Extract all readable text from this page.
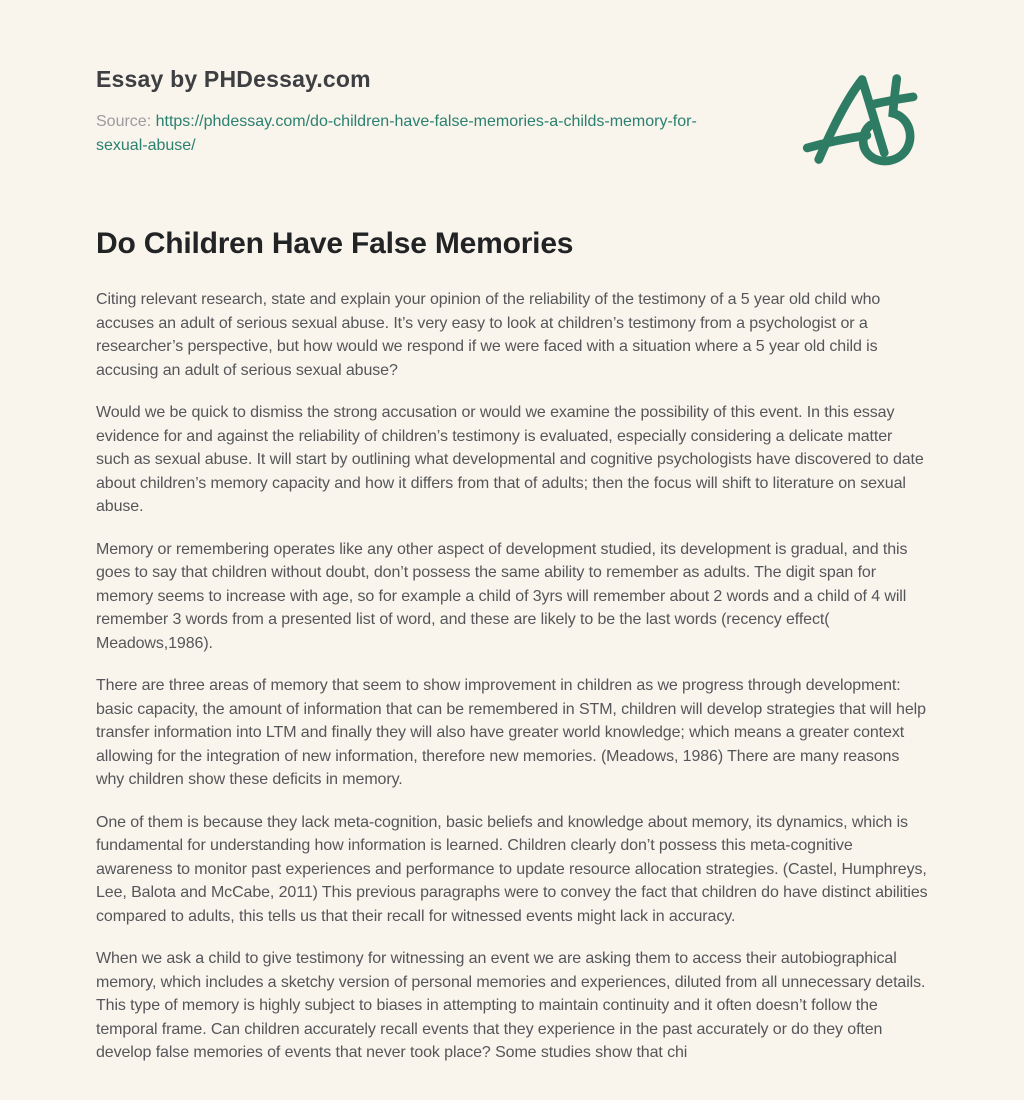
Essay by PHDessay.com

Source: https://phdessay.com/do-children-have-false-memories-a-childs-memory-for-sexual-abuse/

Do Children Have False Memories

Citing relevant research, state and explain your opinion of the reliability of the testimony of a 5 year old child who accuses an adult of serious sexual abuse. It’s very easy to look at children’s testimony from a psychologist or a researcher’s perspective, but how would we respond if we were faced with a situation where a 5 year old child is accusing an adult of serious sexual abuse?

Would we be quick to dismiss the strong accusation or would we examine the possibility of this event. In this essay evidence for and against the reliability of children’s testimony is evaluated, especially considering a delicate matter such as sexual abuse. It will start by outlining what developmental and cognitive psychologists have discovered to date about children’s memory capacity and how it differs from that of adults; then the focus will shift to literature on sexual abuse.

Memory or remembering operates like any other aspect of development studied, its development is gradual, and this goes to say that children without doubt, don’t possess the same ability to remember as adults. The digit span for memory seems to increase with age, so for example a child of 3yrs will remember about 2 words and a child of 4 will remember 3 words from a presented list of word, and these are likely to be the last words (recency effect( Meadows,1986).

There are three areas of memory that seem to show improvement in children as we progress through development: basic capacity, the amount of information that can be remembered in STM, children will develop strategies that will help transfer information into LTM and finally they will also have greater world knowledge; which means a greater context allowing for the integration of new information, therefore new memories. (Meadows, 1986) There are many reasons why children show these deficits in memory.

One of them is because they lack meta-cognition, basic beliefs and knowledge about memory, its dynamics, which is fundamental for understanding how information is learned. Children clearly don’t possess this meta-cognitive awareness to monitor past experiences and performance to update resource allocation strategies. (Castel, Humphreys, Lee, Balota and McCabe, 2011) This previous paragraphs were to convey the fact that children do have distinct abilities compared to adults, this tells us that their recall for witnessed events might lack in accuracy.

When we ask a child to give testimony for witnessing an event we are asking them to access their autobiographical memory, which includes a sketchy version of personal memories and experiences, diluted from all unnecessary details. This type of memory is highly subject to biases in attempting to maintain continuity and it often doesn’t follow the temporal frame. Can children accurately recall events that they experience in the past accurately or do they often develop false memories of events that never took place? Some studies show that chi
